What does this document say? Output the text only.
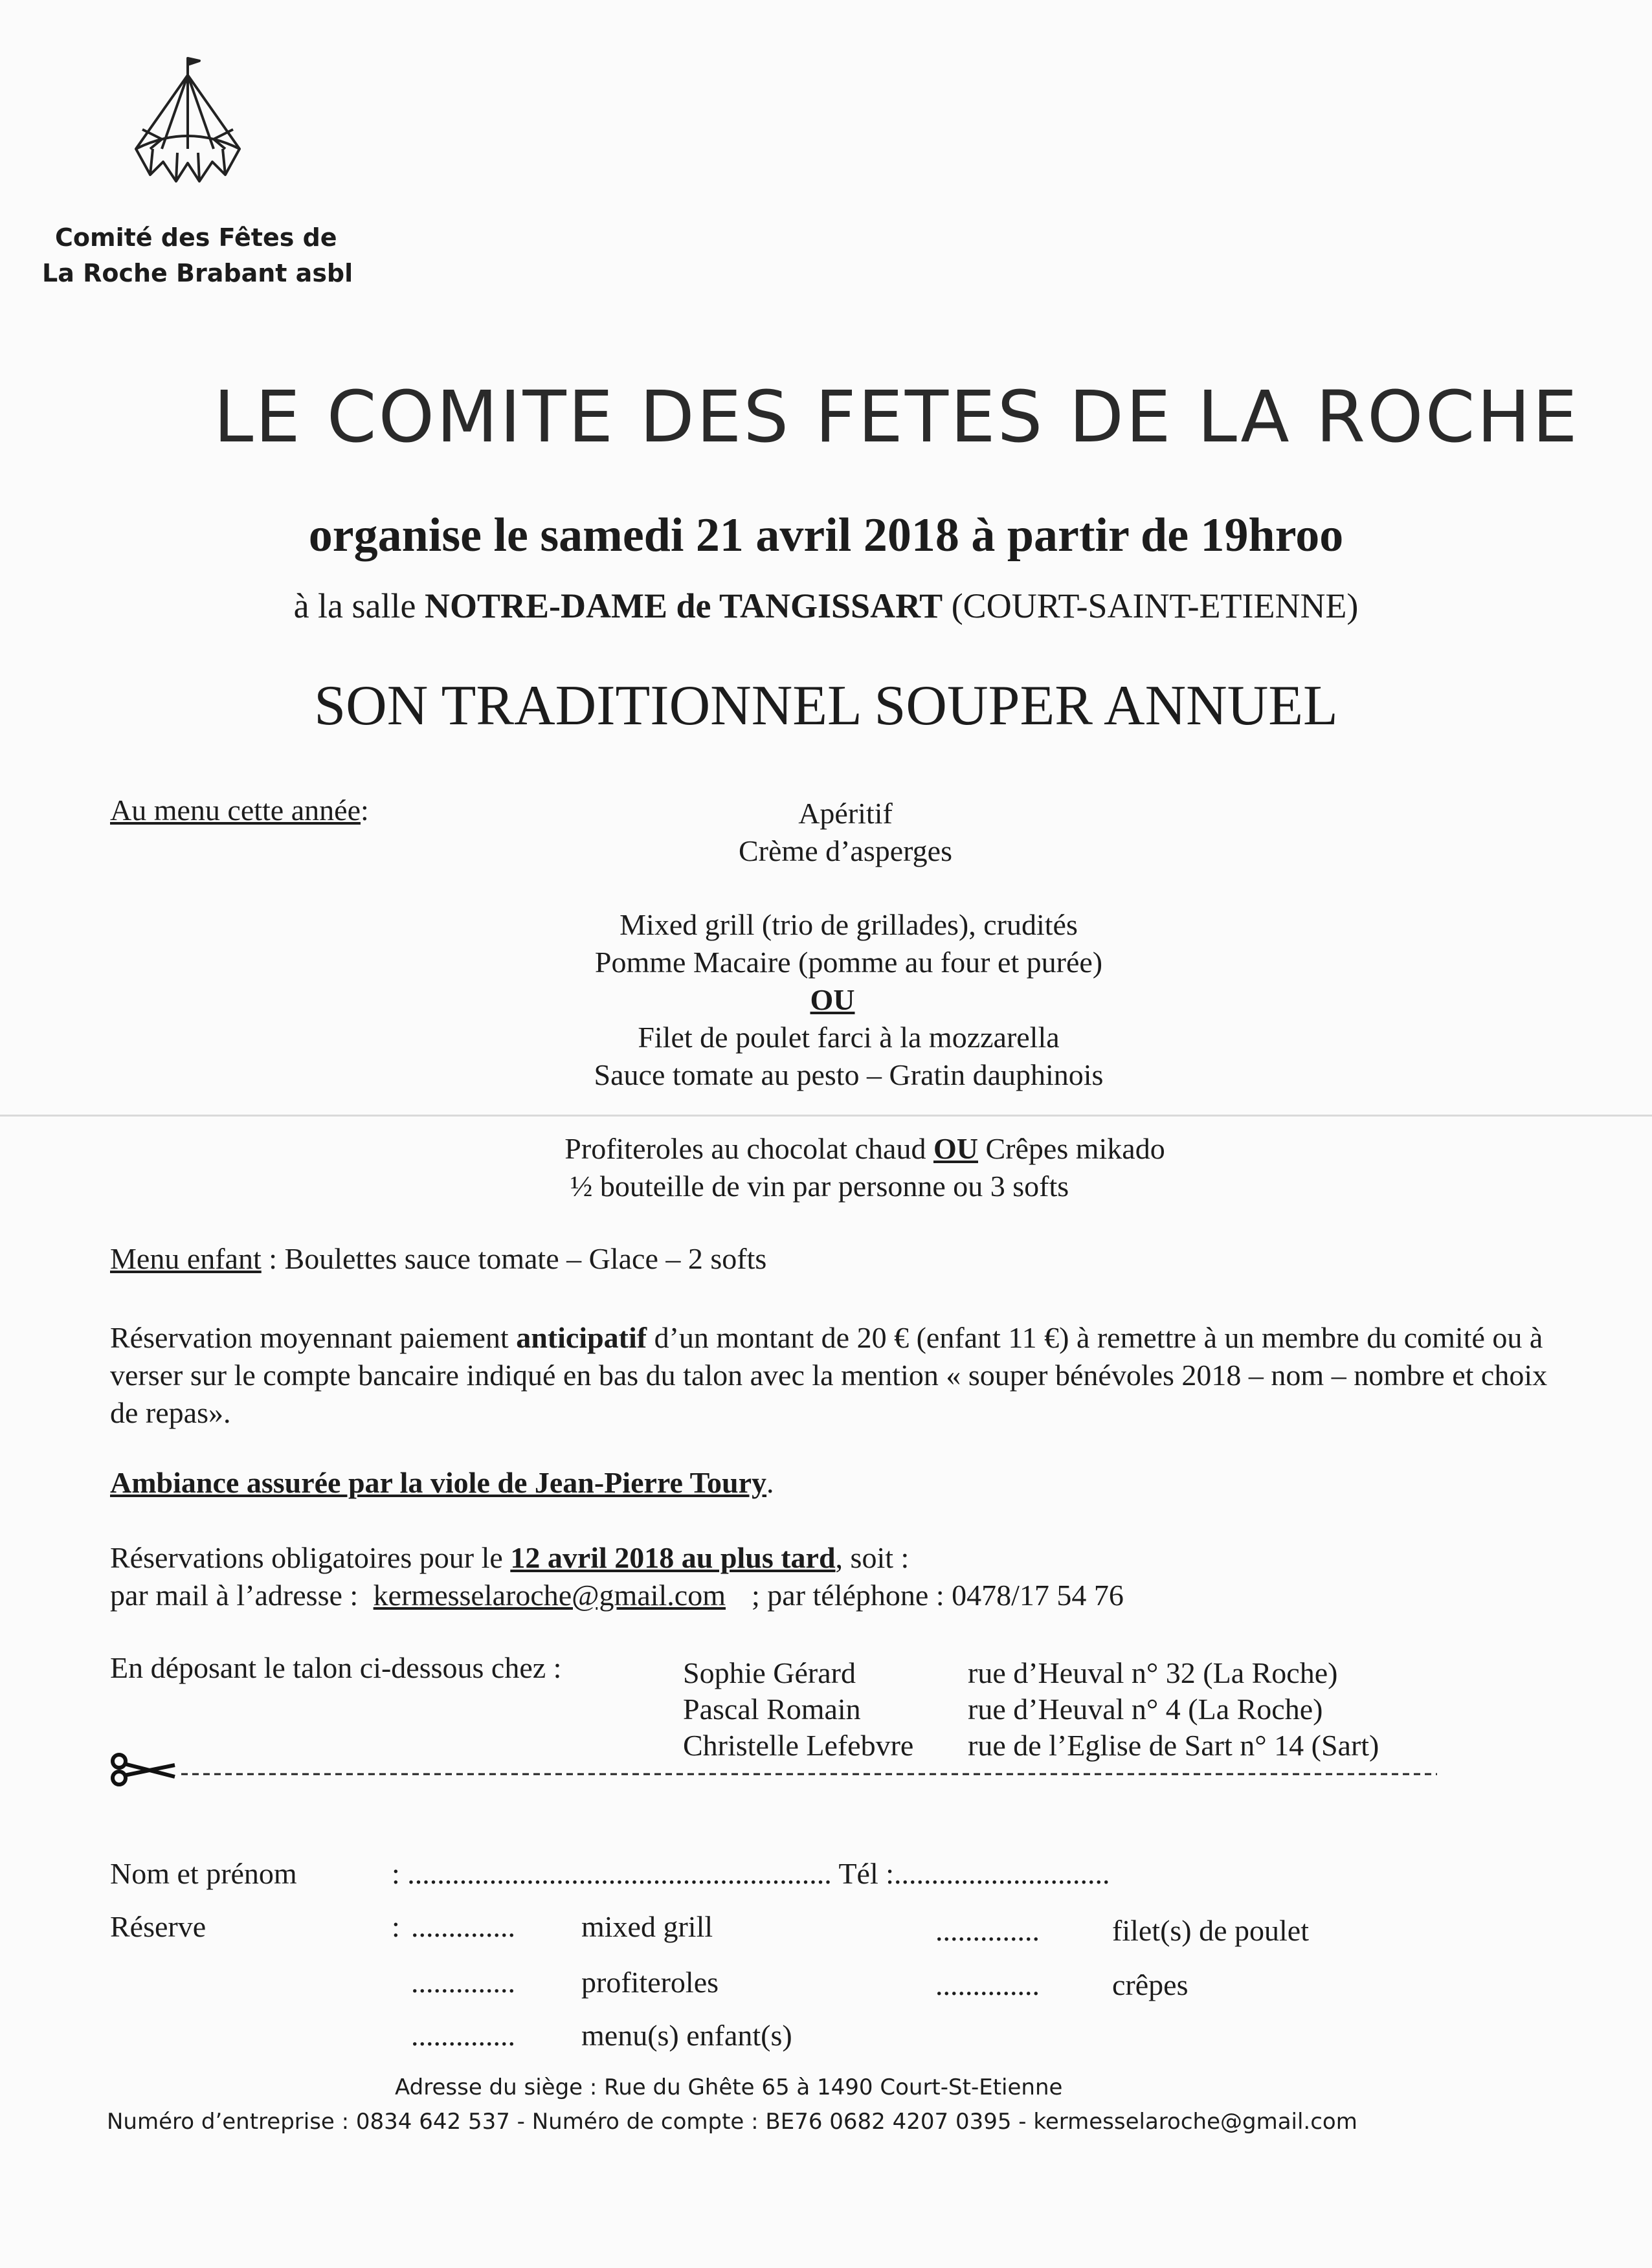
Comité des Fêtes de
La Roche Brabant asbl
LE COMITE DES FETES DE LA ROCHE
organise le samedi 21 avril 2018 à partir de 19hroo
à la salle NOTRE-DAME de TANGISSART (COURT-SAINT-ETIENNE)
SON TRADITIONNEL SOUPER ANNUEL
Au menu cette année:	Apéritif
Crème d’asperges
Mixed grill (trio de grillades), crudités
Pomme Macaire (pomme au four et purée)
OU
Filet de poulet farci à la mozzarella
Sauce tomate au pesto – Gratin dauphinois
Profiteroles au chocolat chaud OU Crêpes mikado
½ bouteille de vin par personne ou 3 softs
Menu enfant : Boulettes sauce tomate – Glace – 2 softs
Réservation moyennant paiement anticipatif d’un montant de 20 € (enfant 11 €) à remettre à un membre du comité ou à verser sur le compte bancaire indiqué en bas du talon avec la mention « souper bénévoles 2018 – nom – nombre et choix de repas».
Ambiance assurée par la viole de Jean-Pierre Toury.
Réservations obligatoires pour le 12 avril 2018 au plus tard, soit :
par mail à l’adresse : kermesselaroche@gmail.com ; par téléphone : 0478/17 54 76
En déposant le talon ci-dessous chez :	Sophie Gérard	rue d’Heuval n° 32 (La Roche)
Pascal Romain	rue d’Heuval n° 4 (La Roche)
Christelle Lefebvre rue de l’Eglise de Sart n° 14 (Sart)
Nom et prénom	: ......................................................... Tél :.............................
Réserve	: .............. mixed grill	.............. filet(s) de poulet
.............. profiteroles	.............. crêpes
.............. menu(s) enfant(s)
Adresse du siège : Rue du Ghête 65 à 1490 Court-St-Etienne
Numéro d’entreprise : 0834 642 537 - Numéro de compte : BE76 0682 4207 0395 - kermesselaroche@gmail.com
